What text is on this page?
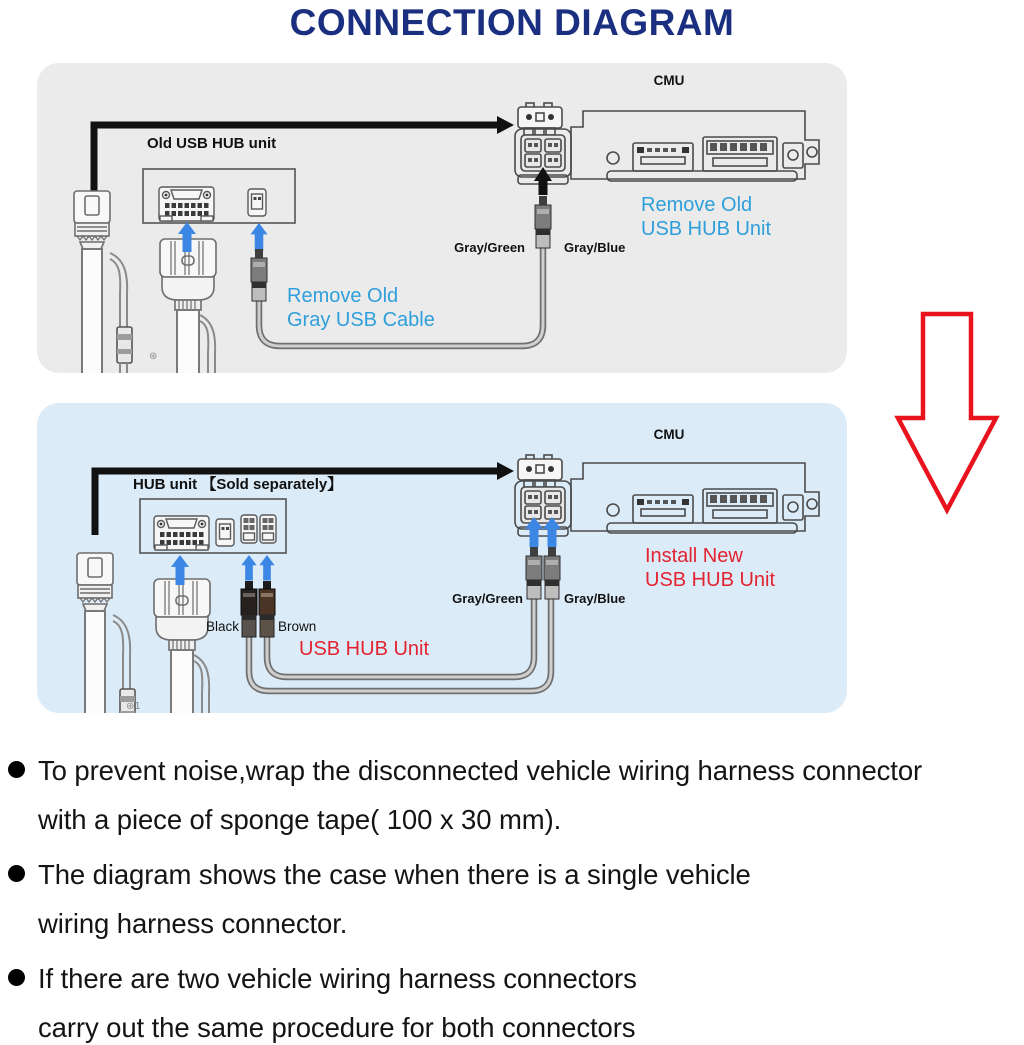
CONNECTION DIAGRAM
⊛
CMU
Old USB HUB unit
Gray/Green	Gray/Blue
Remove Old
Gray USB Cable
Remove Old
USB HUB Unit
⊛1
CMU
HUB unit 【Sold separately】
Gray/Green	Gray/Blue
Black	Brown
USB HUB Unit
Install New
USB HUB Unit
To prevent noise,wrap the disconnected vehicle wiring harness connector
with a piece of sponge tape( 100 x 30 mm).
The diagram shows the case when there is a single vehicle
wiring harness connector.
If there are two vehicle wiring harness connectors
carry out the same procedure for both connectors
